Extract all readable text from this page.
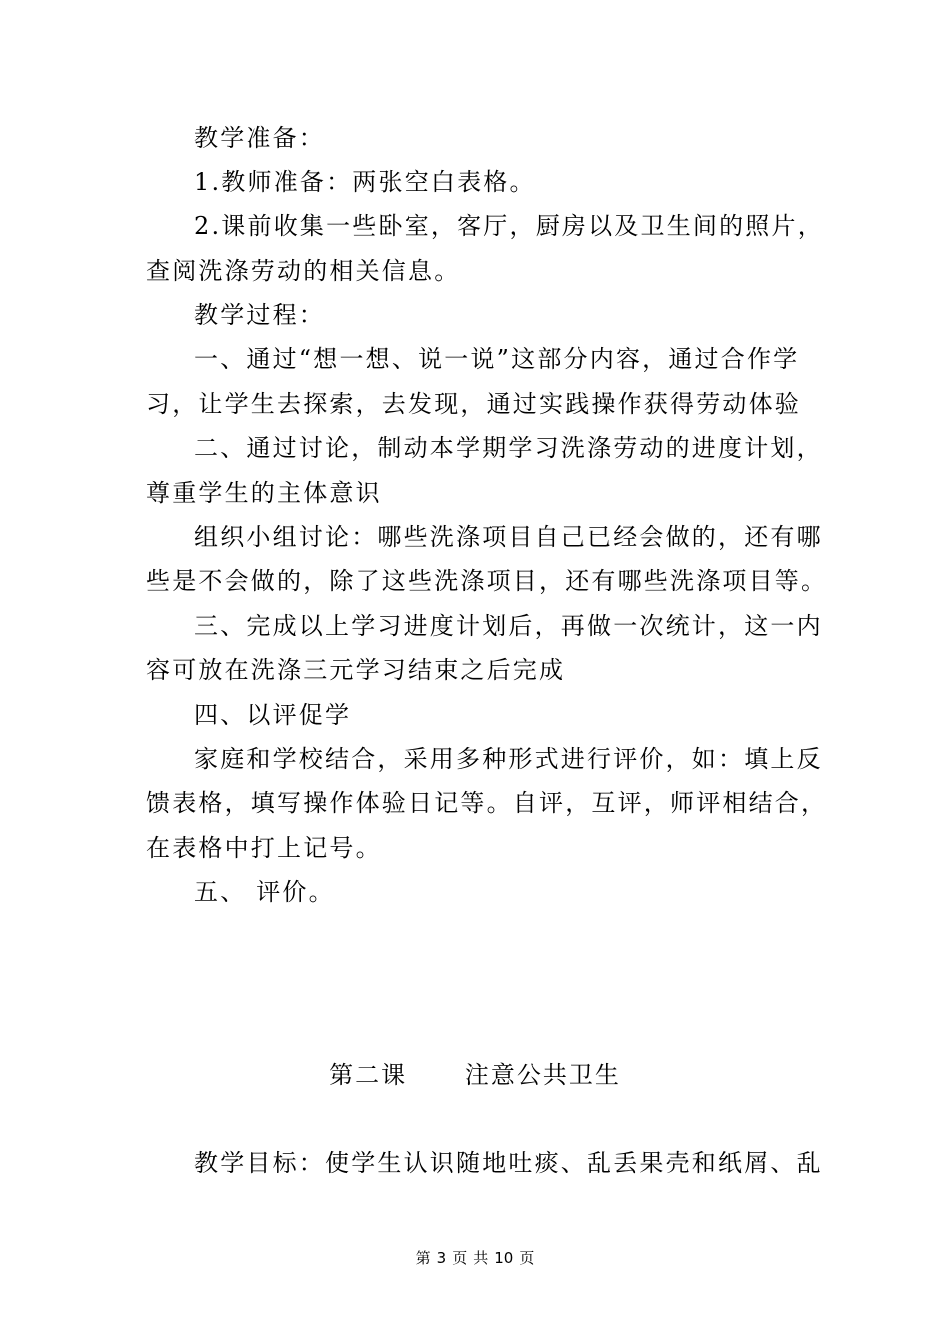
教学准备：
1.教师准备：两张空白表格。
2.课前收集一些卧室，客厅，厨房以及卫生间的照片，
查阅洗涤劳动的相关信息。
教学过程：
一、通过“想一想、说一说”这部分内容，通过合作学
习，让学生去探索，去发现，通过实践操作获得劳动体验
二、通过讨论，制动本学期学习洗涤劳动的进度计划，
尊重学生的主体意识
组织小组讨论：哪些洗涤项目自己已经会做的，还有哪
些是不会做的，除了这些洗涤项目，还有哪些洗涤项目等。
三、完成以上学习进度计划后，再做一次统计，这一内
容可放在洗涤三元学习结束之后完成
四、以评促学
家庭和学校结合，采用多种形式进行评价，如：填上反
馈表格，填写操作体验日记等。自评，互评，师评相结合，
在表格中打上记号。
五、 评价。
第二课      注意公共卫生
教学目标：使学生认识随地吐痰、乱丢果壳和纸屑、乱
第 3 页 共 10 页
